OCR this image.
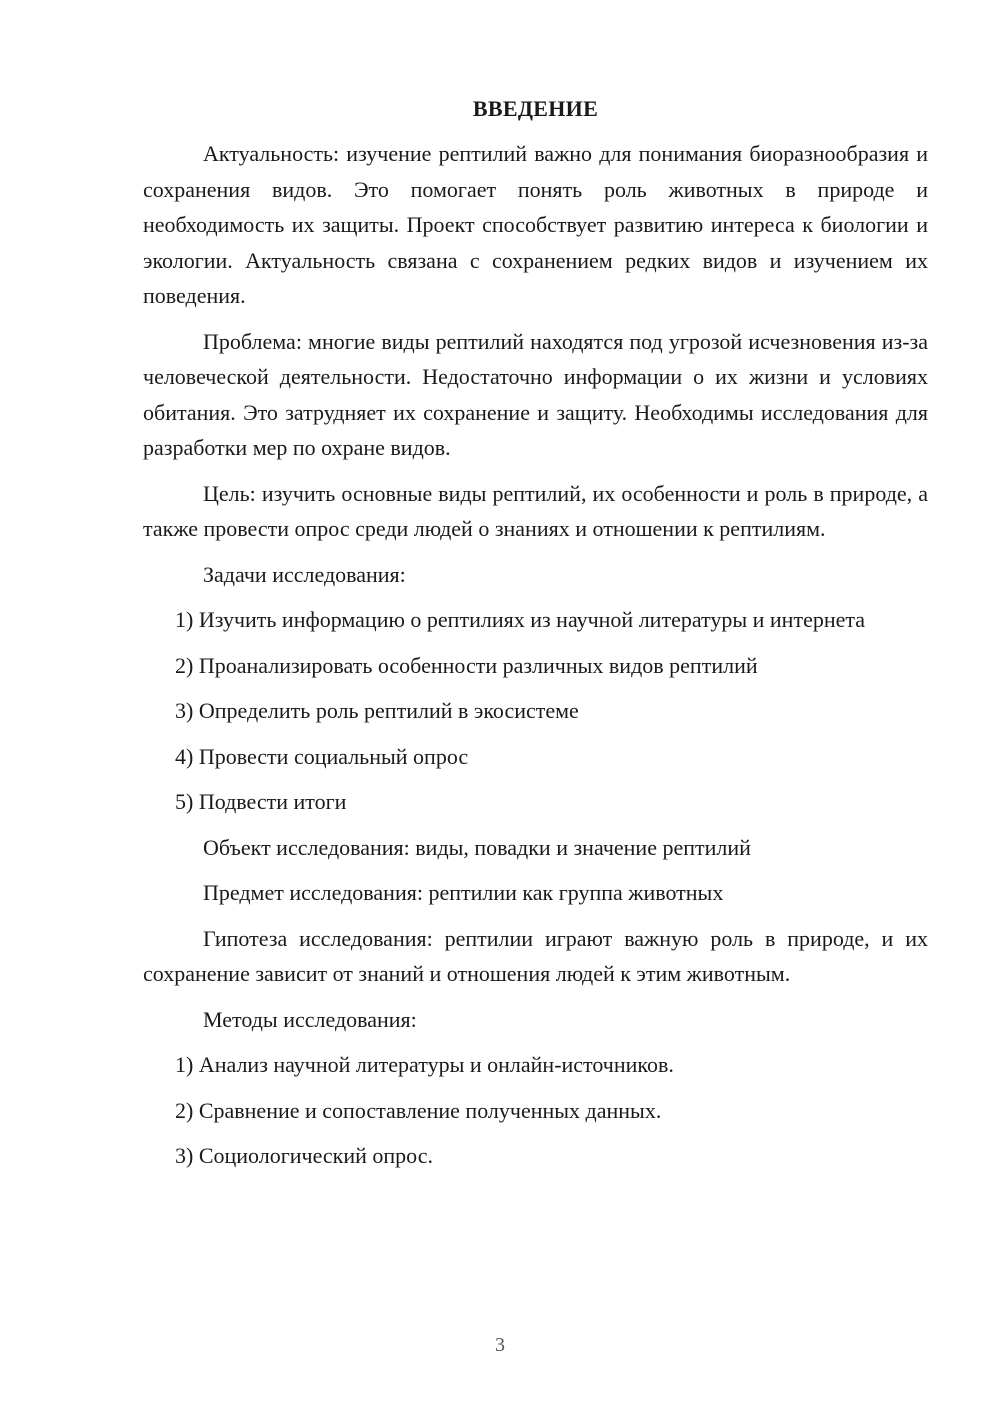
ВВЕДЕНИЕ

Актуальность: изучение рептилий важно для понимания биоразнообразия и сохранения видов. Это помогает понять роль животных в природе и необходимость их защиты. Проект способствует развитию интереса к биологии и экологии. Актуальность связана с сохранением редких видов и изучением их поведения.

Проблема: многие виды рептилий находятся под угрозой исчезновения из-за человеческой деятельности. Недостаточно информации о их жизни и условиях обитания. Это затрудняет их сохранение и защиту. Необходимы исследования для разработки мер по охране видов.

Цель: изучить основные виды рептилий, их особенности и роль в природе, а также провести опрос среди людей о знаниях и отношении к рептилиям.

Задачи исследования:

1) Изучить информацию о рептилиях из научной литературы и интернета

2) Проанализировать особенности различных видов рептилий

3) Определить роль рептилий в экосистеме

4) Провести социальный опрос

5) Подвести итоги

Объект исследования: виды, повадки и значение рептилий

Предмет исследования: рептилии как группа животных

Гипотеза исследования: рептилии играют важную роль в природе, и их сохранение зависит от знаний и отношения людей к этим животным.

Методы исследования:

1) Анализ научной литературы и онлайн-источников.

2) Сравнение и сопоставление полученных данных.

3) Социологический опрос.

3
